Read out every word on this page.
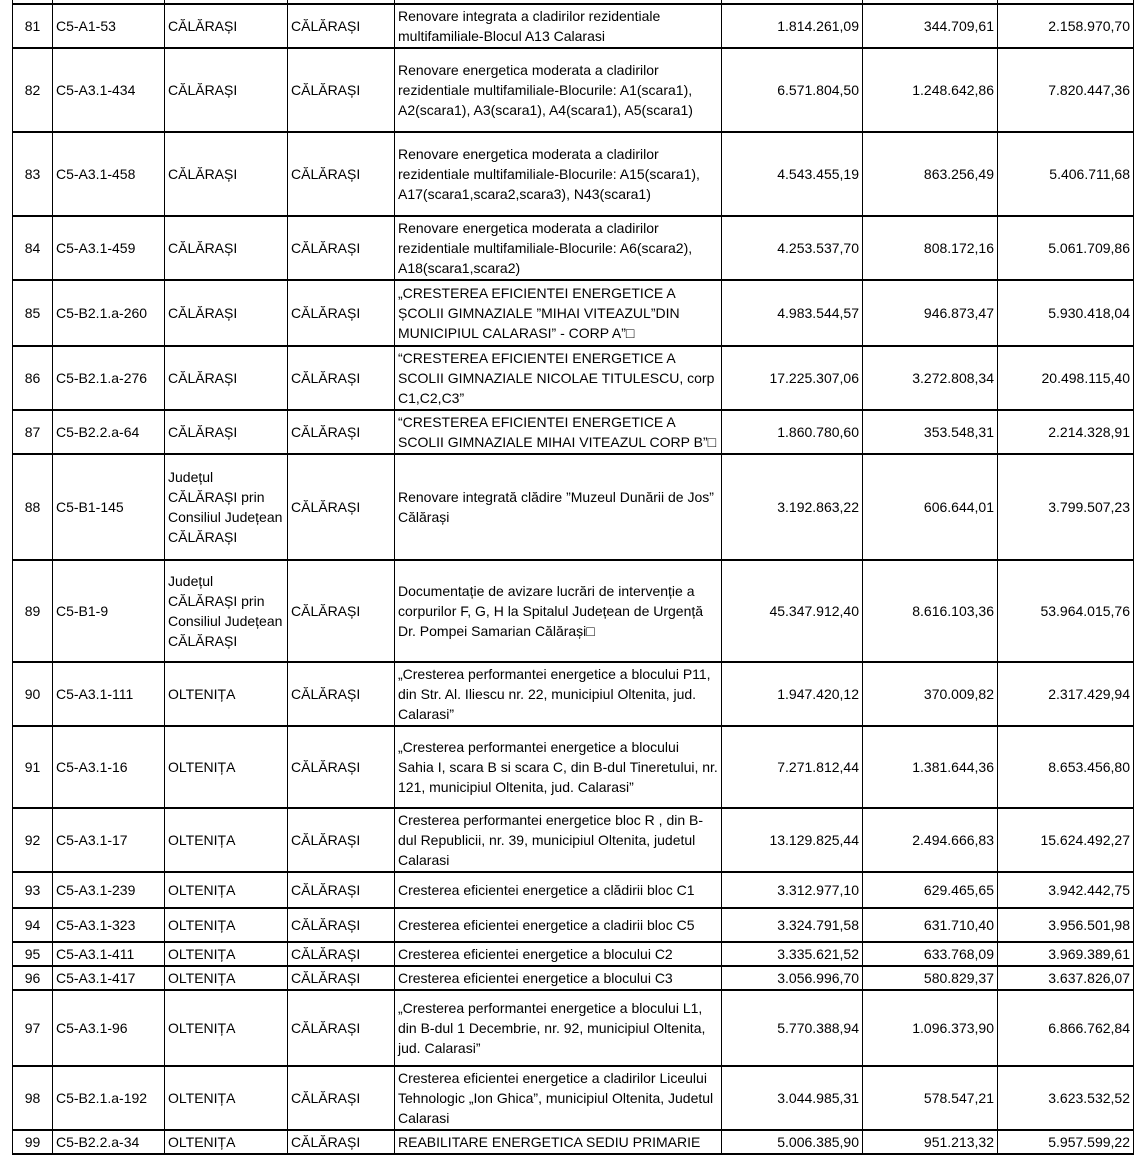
81	C5-A1-53	CĂLĂRAȘI	CĂLĂRAȘI	Renovare integrata a cladirilor rezidentiale multifamiliale-Blocul A13 Calarasi	1.814.261,09	344.709,61	2.158.970,70
82	C5-A3.1-434	CĂLĂRAȘI	CĂLĂRAȘI	Renovare energetica moderata a cladirilor rezidentiale multifamiliale-Blocurile: A1(scara1), A2(scara1), A3(scara1), A4(scara1), A5(scara1)	6.571.804,50	1.248.642,86	7.820.447,36
83	C5-A3.1-458	CĂLĂRAȘI	CĂLĂRAȘI	Renovare energetica moderata a cladirilor rezidentiale multifamiliale-Blocurile: A15(scara1), A17(scara1,scara2,scara3), N43(scara1)	4.543.455,19	863.256,49	5.406.711,68
84	C5-A3.1-459	CĂLĂRAȘI	CĂLĂRAȘI	Renovare energetica moderata a cladirilor rezidentiale multifamiliale-Blocurile: A6(scara2), A18(scara1,scara2)	4.253.537,70	808.172,16	5.061.709,86
85	C5-B2.1.a-260	CĂLĂRAȘI	CĂLĂRAȘI	„CRESTEREA EFICIENTEI ENERGETICE A ȘCOLII GIMNAZIALE ”MIHAI VITEAZUL”DIN MUNICIPIUL CALARASI” - CORP A”□	4.983.544,57	946.873,47	5.930.418,04
86	C5-B2.1.a-276	CĂLĂRAȘI	CĂLĂRAȘI	“CRESTEREA EFICIENTEI ENERGETICE A SCOLII GIMNAZIALE NICOLAE TITULESCU, corp C1,C2,C3”	17.225.307,06	3.272.808,34	20.498.115,40
87	C5-B2.2.a-64	CĂLĂRAȘI	CĂLĂRAȘI	“CRESTEREA EFICIENTEI ENERGETICE A SCOLII GIMNAZIALE MIHAI VITEAZUL CORP B”□	1.860.780,60	353.548,31	2.214.328,91
88	C5-B1-145	Județul CĂLĂRAȘI prin Consiliul Județean CĂLĂRAȘI	CĂLĂRAȘI	Renovare integrată clădire ”Muzeul Dunării de Jos” Călărași	3.192.863,22	606.644,01	3.799.507,23
89	C5-B1-9	Județul CĂLĂRAȘI prin Consiliul Județean CĂLĂRAȘI	CĂLĂRAȘI	Documentație de avizare lucrări de intervenție a corpurilor F, G, H la Spitalul Județean de Urgență Dr. Pompei Samarian Călărași□	45.347.912,40	8.616.103,36	53.964.015,76
90	C5-A3.1-111	OLTENIȚA	CĂLĂRAȘI	„Cresterea performantei energetice a blocului P11, din Str. Al. Iliescu nr. 22, municipiul Oltenita, jud. Calarasi”	1.947.420,12	370.009,82	2.317.429,94
91	C5-A3.1-16	OLTENIȚA	CĂLĂRAȘI	„Cresterea performantei energetice a blocului Sahia I, scara B si scara C, din B-dul Tineretului, nr. 121, municipiul Oltenita, jud. Calarasi”	7.271.812,44	1.381.644,36	8.653.456,80
92	C5-A3.1-17	OLTENIȚA	CĂLĂRAȘI	Cresterea performantei energetice bloc R , din B-dul Republicii, nr. 39, municipiul Oltenita, judetul Calarasi	13.129.825,44	2.494.666,83	15.624.492,27
93	C5-A3.1-239	OLTENIȚA	CĂLĂRAȘI	Cresterea eficientei energetice a clădirii bloc C1	3.312.977,10	629.465,65	3.942.442,75
94	C5-A3.1-323	OLTENIȚA	CĂLĂRAȘI	Cresterea eficientei energetice a cladirii bloc C5	3.324.791,58	631.710,40	3.956.501,98
95	C5-A3.1-411	OLTENIȚA	CĂLĂRAȘI	Cresterea eficientei energetice a blocului C2	3.335.621,52	633.768,09	3.969.389,61
96	C5-A3.1-417	OLTENIȚA	CĂLĂRAȘI	Cresterea eficientei energetice a blocului C3	3.056.996,70	580.829,37	3.637.826,07
97	C5-A3.1-96	OLTENIȚA	CĂLĂRAȘI	„Cresterea performantei energetice a blocului L1, din B-dul 1 Decembrie, nr. 92, municipiul Oltenita, jud. Calarasi”	5.770.388,94	1.096.373,90	6.866.762,84
98	C5-B2.1.a-192	OLTENIȚA	CĂLĂRAȘI	Cresterea eficientei energetice a cladirilor Liceului Tehnologic „Ion Ghica”, municipiul Oltenita, Judetul Calarasi	3.044.985,31	578.547,21	3.623.532,52
99	C5-B2.2.a-34	OLTENIȚA	CĂLĂRAȘI	REABILITARE ENERGETICA SEDIU PRIMARIE	5.006.385,90	951.213,32	5.957.599,22
